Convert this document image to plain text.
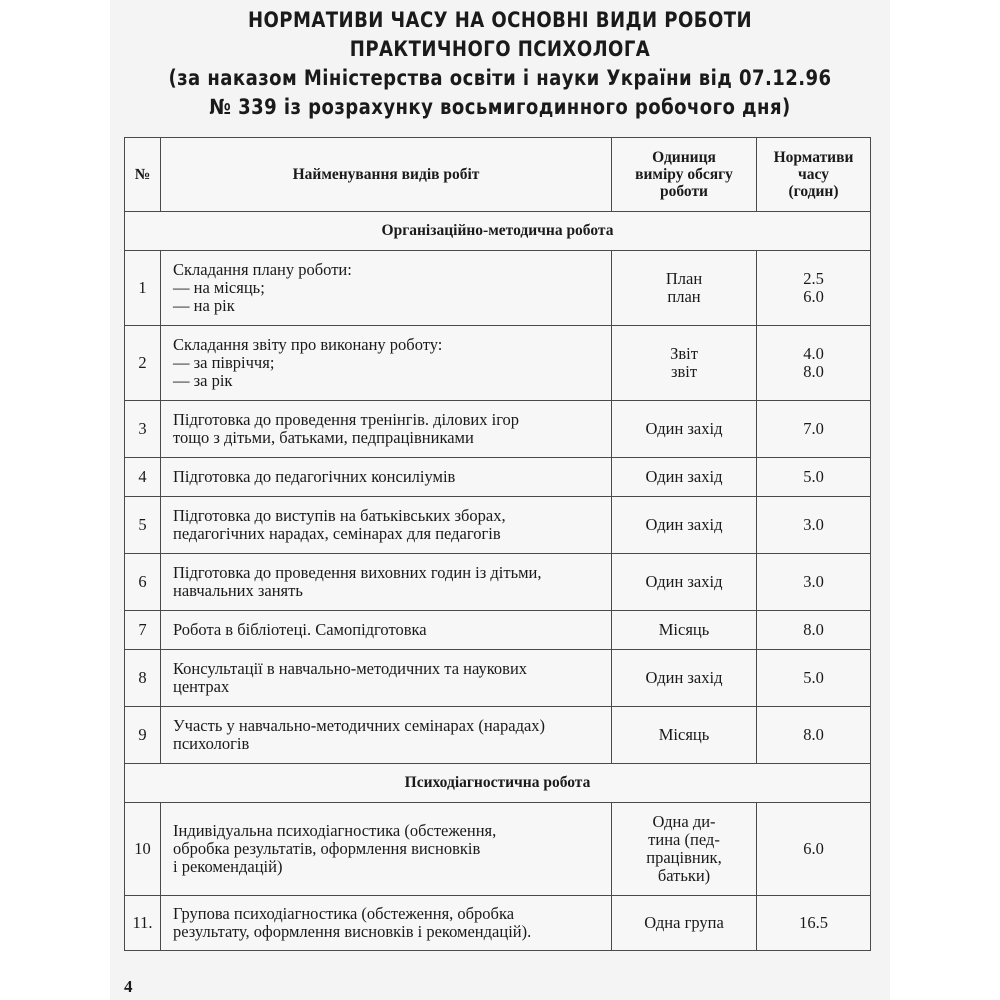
НОРМАТИВИ ЧАСУ НА ОСНОВНІ ВИДИ РОБОТИ
ПРАКТИЧНОГО ПСИХОЛОГА
(за наказом Міністерства освіти і науки України від 07.12.96
№ 339 із розрахунку восьмигодинного робочого дня)
№	Найменування видів робіт	Одиниця
виміру обсягу
роботи	Нормативи
часу
(годин)

Організаційно-методична робота			
1	Складання плану роботи:
— на місяць;
— на рік	План
план	2.5
6.0

2	Складання звіту про виконану роботу:
— за півріччя;
— за рік	Звіт
звіт	4.0
8.0

3	Підготовка до проведення тренінгів. ділових ігор
тощо з дітьми, батьками, педпрацівниками	Один захід	7.0

4	Підготовка до педагогічних консиліумів	Один захід	5.0

5	Підготовка до виступів на батьківських зборах,
педагогічних нарадах, семінарах для педагогів	Один захід	3.0

6	Підготовка до проведення виховних годин із дітьми,
навчальних занять	Один захід	3.0

7	Робота в бібліотеці. Самопідготовка	Місяць	8.0

8	Консультації в навчально-методичних та наукових
центрах	Один захід	5.0

9	Участь у навчально-методичних семінарах (нарадах)
психологів	Місяць	8.0

Психодіагностична робота			
10	Індивідуальна психодіагностика (обстеження,
обробка результатів, оформлення висновків
і рекомендацій)	Одна ди-
тина (пед-
працівник,
батьки)	6.0

11.	Групова психодіагностика (обстеження, обробка
результату, оформлення висновків і рекомендацій).	Одна група	16.5
4
